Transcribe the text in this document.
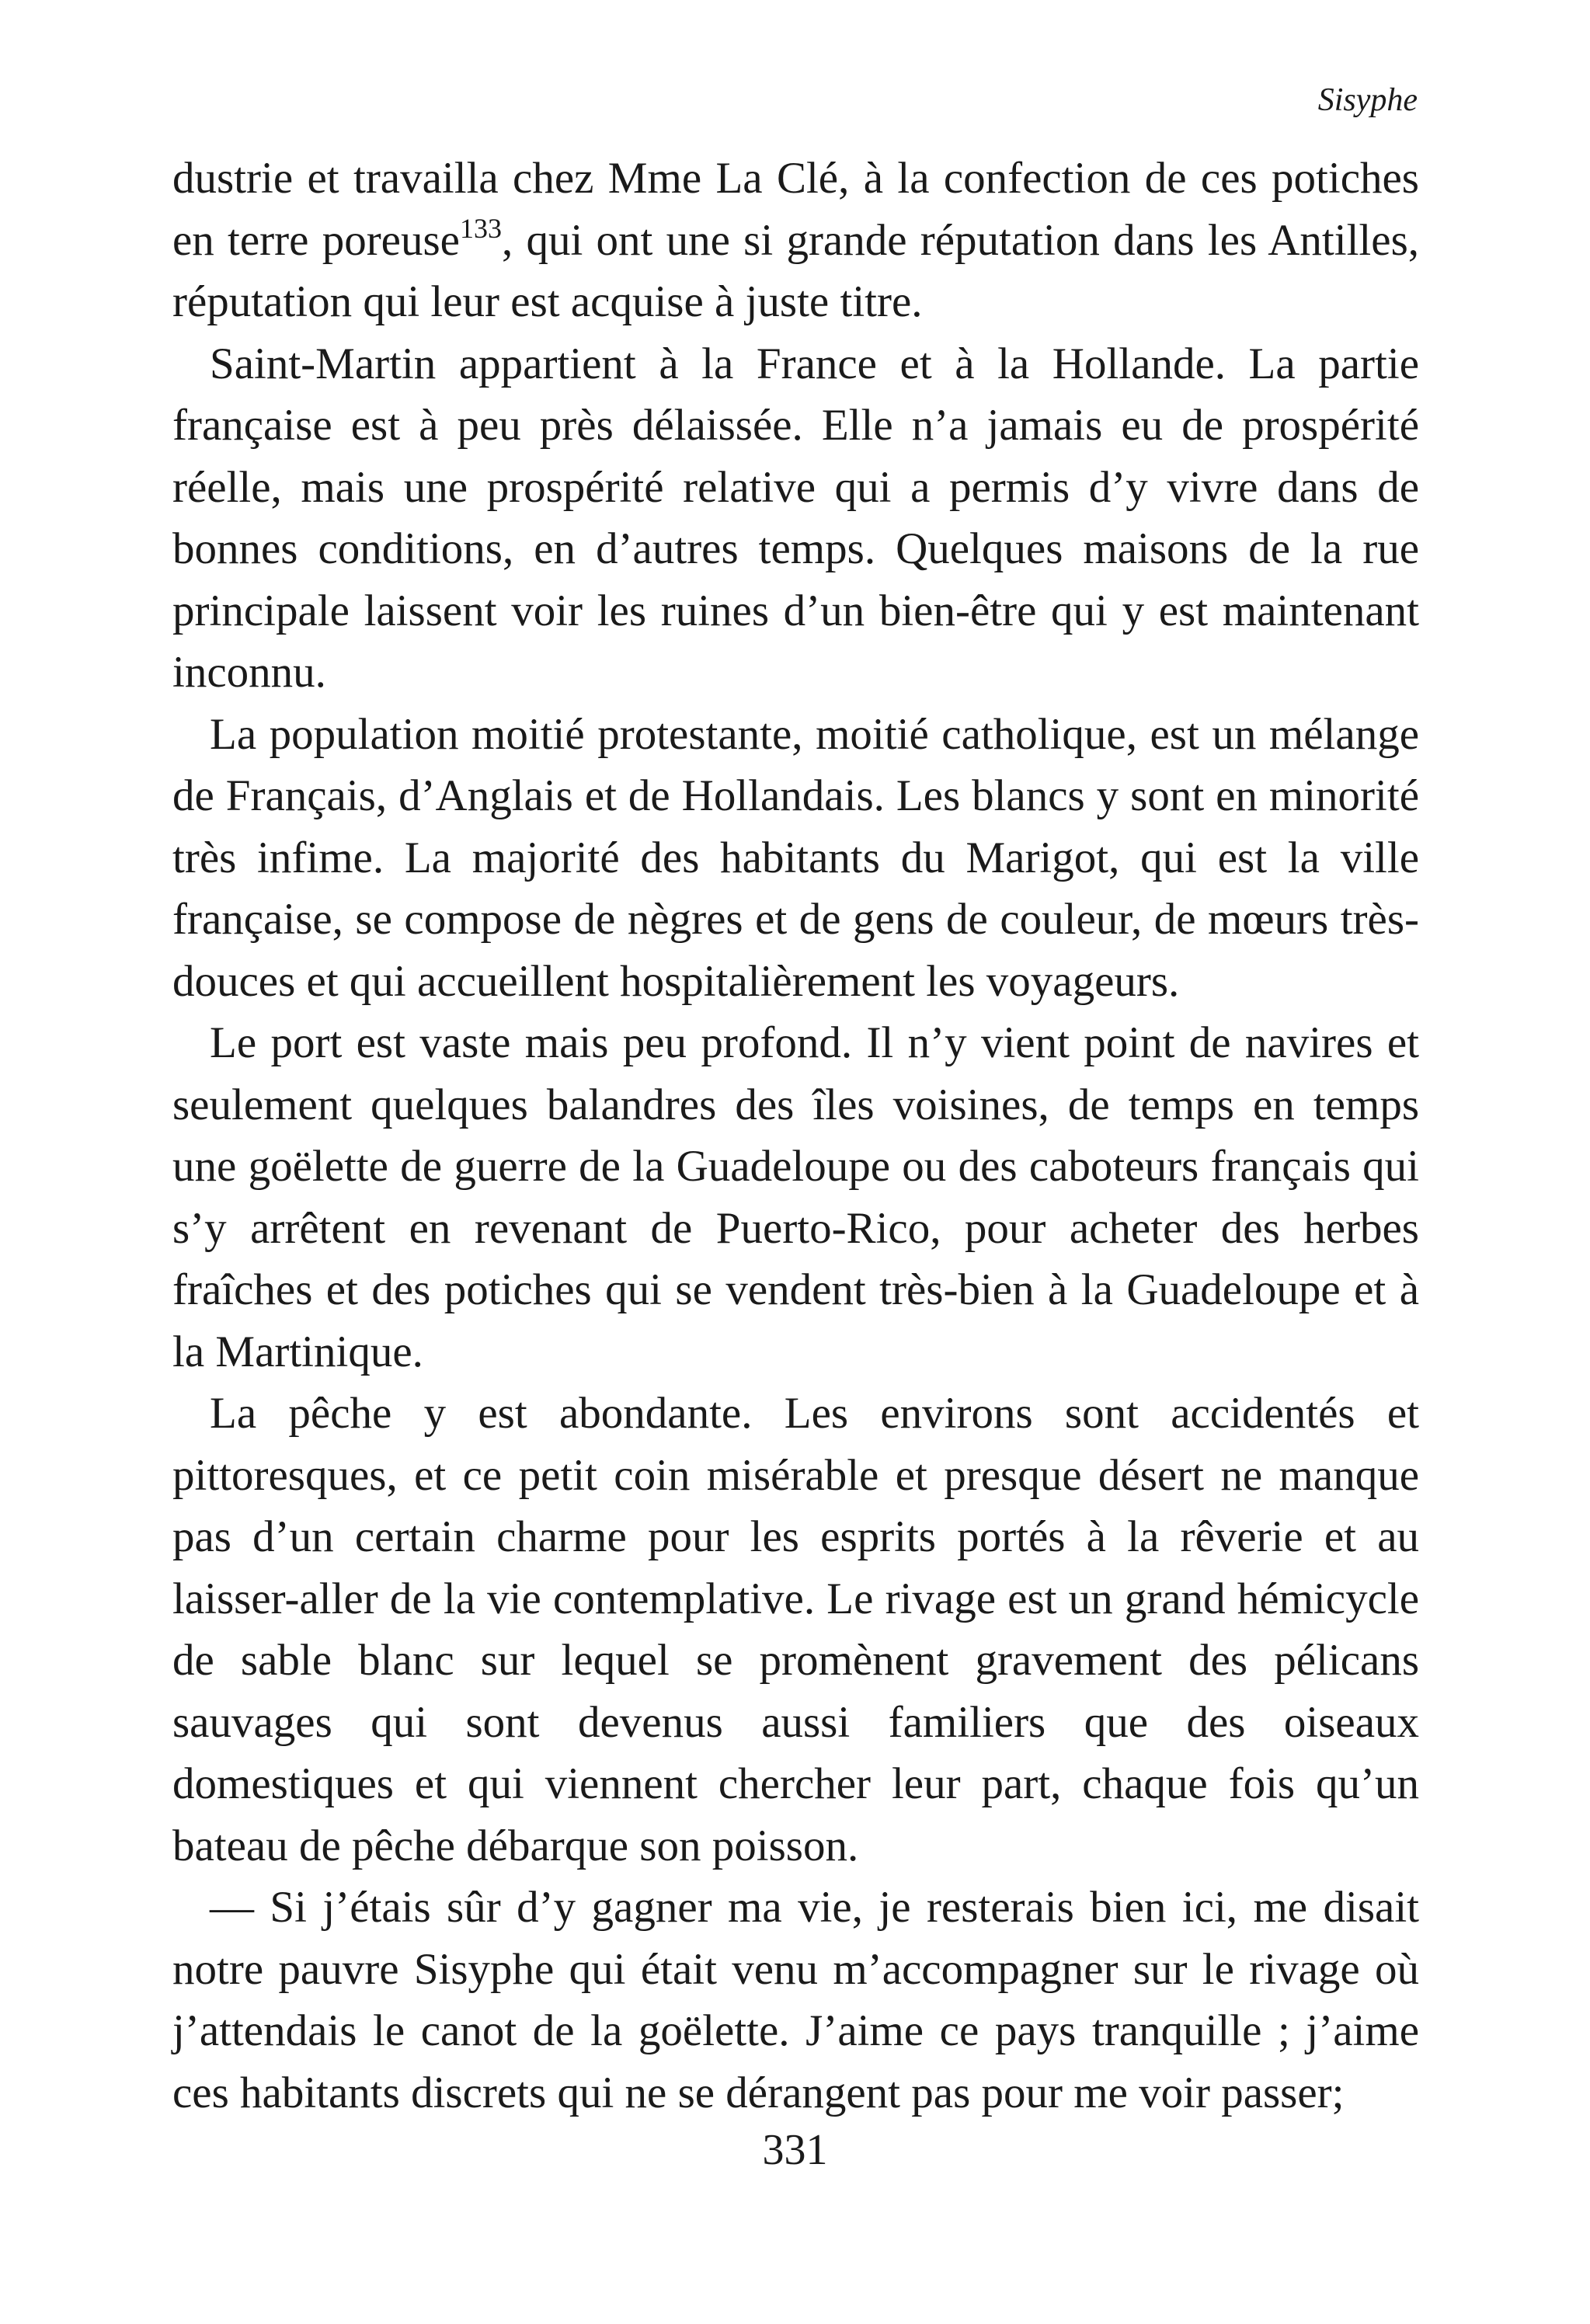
Sisyphe

dustrie et travailla chez Mme La Clé, à la confection de ces potiches en terre poreuse$^{133}$, qui ont une si grande réputation dans les Antilles, réputation qui leur est acquise à juste titre.

Saint-Martin appartient à la France et à la Hollande. La partie française est à peu près délaissée. Elle n’a jamais eu de prospérité réelle, mais une prospérité relative qui a permis d’y vivre dans de bonnes conditions, en d’autres temps. Quelques maisons de la rue principale laissent voir les ruines d’un bien-être qui y est maintenant inconnu.

La population moitié protestante, moitié catholique, est un mélange de Français, d’Anglais et de Hollandais. Les blancs y sont en minorité très infime. La majorité des habitants du Marigot, qui est la ville française, se compose de nègres et de gens de couleur, de mœurs très-douces et qui accueillent hospitalièrement les voyageurs.

Le port est vaste mais peu profond. Il n’y vient point de navires et seulement quelques balandres des îles voisines, de temps en temps une goëlette de guerre de la Guadeloupe ou des caboteurs français qui s’y arrêtent en revenant de Puerto-Rico, pour acheter des herbes fraîches et des potiches qui se vendent très-bien à la Guadeloupe et à la Martinique.

La pêche y est abondante. Les environs sont accidentés et pittoresques, et ce petit coin misérable et presque désert ne manque pas d’un certain charme pour les esprits portés à la rêverie et au laisser-aller de la vie contemplative. Le rivage est un grand hémicycle de sable blanc sur lequel se promènent gravement des pélicans sauvages qui sont devenus aussi familiers que des oiseaux domestiques et qui viennent chercher leur part, chaque fois qu’un bateau de pêche débarque son poisson.

— Si j’étais sûr d’y gagner ma vie, je resterais bien ici, me disait notre pauvre Sisyphe qui était venu m’accompagner sur le rivage où j’attendais le canot de la goëlette. J’aime ce pays tranquille ; j’aime ces habitants discrets qui ne se dérangent pas pour me voir passer;

331
